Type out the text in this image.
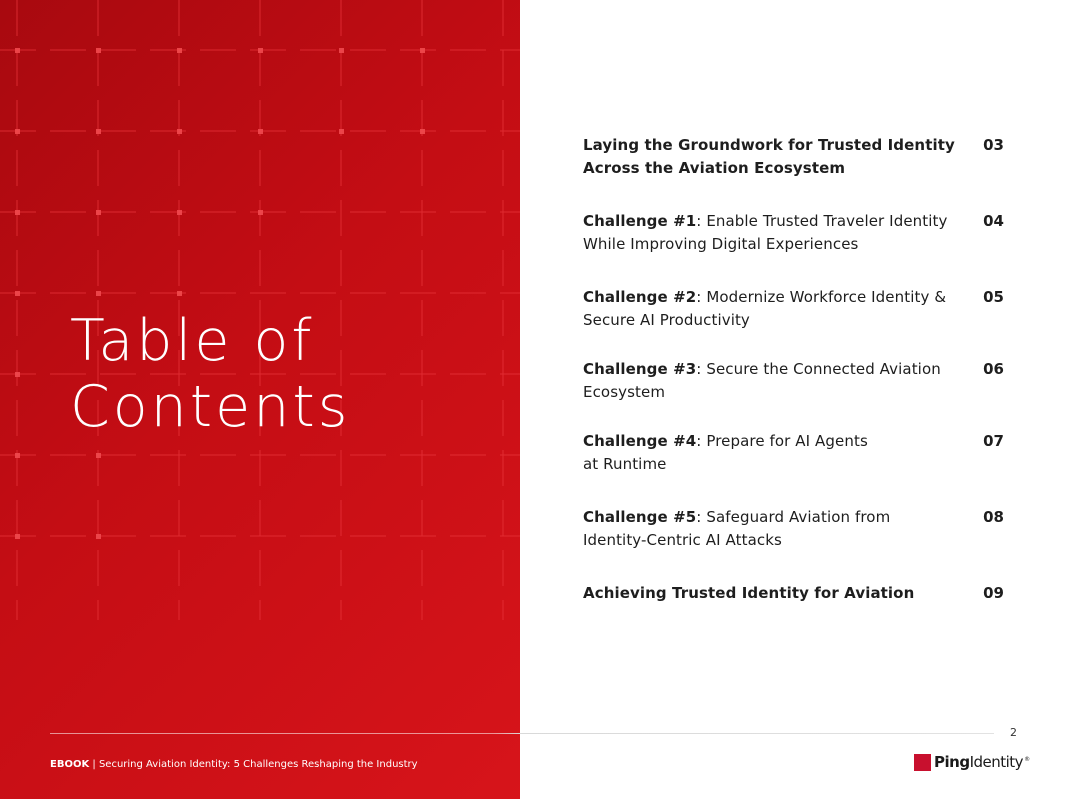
Table of
Contents
Laying the Groundwork for Trusted Identity Across the Aviation Ecosystem
03
Challenge #1: Enable Trusted Traveler Identity While Improving Digital Experiences
04
Challenge #2: Modernize Workforce Identity & Secure AI Productivity
05
Challenge #3: Secure the Connected Aviation Ecosystem
06
Challenge #4: Prepare for AI Agents at Runtime
07
Challenge #5: Safeguard Aviation from Identity-Centric AI Attacks
08
Achieving Trusted Identity for Aviation	09
2
EBOOK | Securing Aviation Identity: 5 Challenges Reshaping the Industry	PingIdentity®
